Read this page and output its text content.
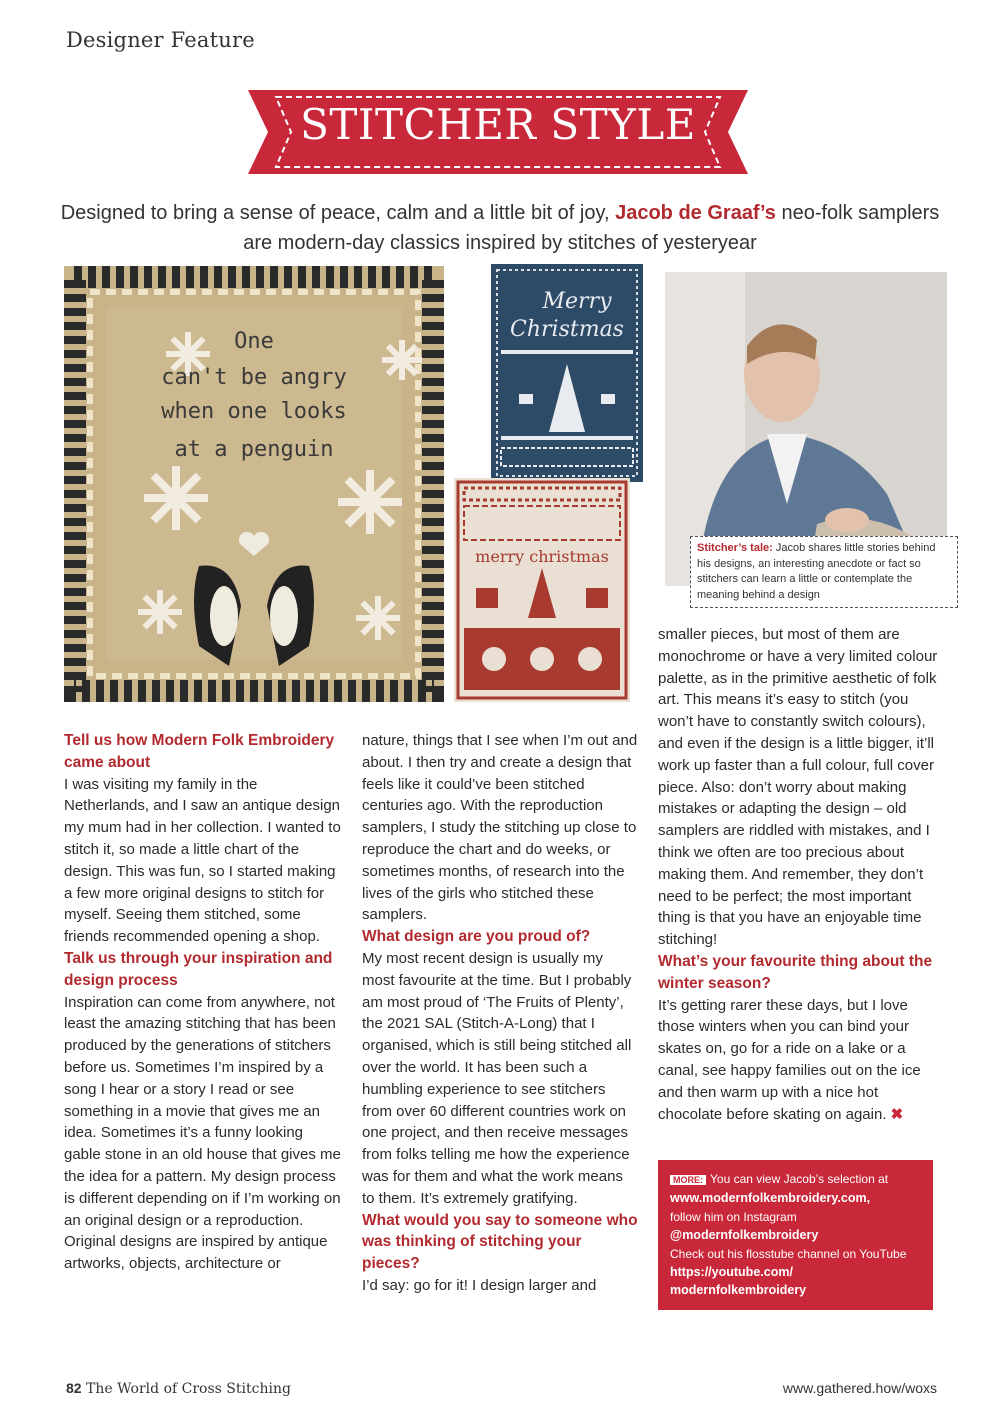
Designer Feature
STITCHER STYLE
Designed to bring a sense of peace, calm and a little bit of joy, Jacob de Graaf’s neo-folk samplers are modern-day classics inspired by stitches of yesteryear
One
can't be angry
when one looks
at a penguin
Merry
Christmas
merry christmas	Stitcher’s tale: Jacob shares little stories behind his designs, an interesting anecdote or fact so stitchers can learn a little or contemplate the meaning behind a design
Tell us how Modern Folk Embroidery came about

I was visiting my family in the Netherlands, and I saw an antique design my mum had in her collection. I wanted to stitch it, so made a little chart of the design. This was fun, so I started making a few more original designs to stitch for myself. Seeing them stitched, some friends recommended opening a shop.

Talk us through your inspiration and design process

Inspiration can come from anywhere, not least the amazing stitching that has been produced by the generations of stitchers before us. Sometimes I’m inspired by a song I hear or a story I read or see something in a movie that gives me an idea. Sometimes it’s a funny looking gable stone in an old house that gives me the idea for a pattern. My design process is different depending on if I’m working on an original design or a reproduction. Original designs are inspired by antique artworks, objects, architecture or

nature, things that I see when I’m out and about. I then try and create a design that feels like it could’ve been stitched centuries ago. With the reproduction samplers, I study the stitching up close to reproduce the chart and do weeks, or sometimes months, of research into the lives of the girls who stitched these samplers.

What design are you proud of?

My most recent design is usually my most favourite at the time. But I probably am most proud of ‘The Fruits of Plenty’, the 2021 SAL (Stitch-A-Long) that I organised, which is still being stitched all over the world. It has been such a humbling experience to see stitchers from over 60 different countries work on one project, and then receive messages from folks telling me how the experience was for them and what the work means to them. It’s extremely gratifying.

What would you say to someone who was thinking of stitching your pieces?

I’d say: go for it! I design larger and

smaller pieces, but most of them are monochrome or have a very limited colour palette, as in the primitive aesthetic of folk art. This means it’s easy to stitch (you won’t have to constantly switch colours), and even if the design is a little bigger, it’ll work up faster than a full colour, full cover piece. Also: don’t worry about making mistakes or adapting the design – old samplers are riddled with mistakes, and I think we often are too precious about making them. And remember, they don’t need to be perfect; the most important thing is that you have an enjoyable time stitching!

What’s your favourite thing about the winter season?

It’s getting rarer these days, but I love those winters when you can bind your skates on, go for a ride on a lake or a canal, see happy families out on the ice and then warm up with a nice hot chocolate before skating on again. ✖

MORE: You can view Jacob’s selection at
www.modernfolkembroidery.com,
follow him on Instagram
@modernfolkembroidery
Check out his flosstube channel on YouTube
https://youtube.com/
modernfolkembroidery
82 The World of Cross Stitching	www.gathered.how/woxs
